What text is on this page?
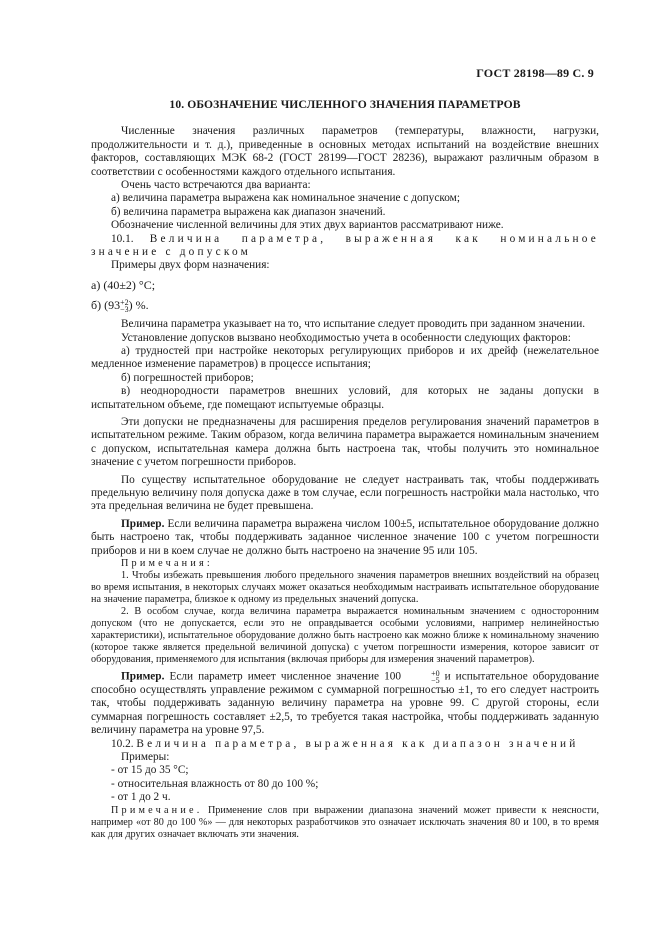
ГОСТ 28198—89 С. 9
10. ОБОЗНАЧЕНИЕ ЧИСЛЕННОГО ЗНАЧЕНИЯ ПАРАМЕТРОВ

Численные значения различных параметров (температуры, влажности, нагрузки, продолжительности и т. д.), приведенные в основных методах испытаний на воздействие внешних факторов, составляющих МЭК 68-2 (ГОСТ 28199—ГОСТ 28236), выражают различным образом в соответствии с особенностями каждого отдельного испытания.

Очень часто встречаются два варианта:

а) величина параметра выражена как номинальное значение с допуском;

б) величина параметра выражена как диапазон значений.

Обозначение численной величины для этих двух вариантов рассматривают ниже.

10.1. Величина параметра, выраженная как номинальное значение с допуском

Примеры двух форм назначения:

а) (40±2) °С;
б) (93 +2
−3 ) %.

Величина параметра указывает на то, что испытание следует проводить при заданном значении.

Установление допусков вызвано необходимостью учета в особенности следующих факторов:

а) трудностей при настройке некоторых регулирующих приборов и их дрейф (нежелательное медленное изменение параметров) в процессе испытания;

б) погрешностей приборов;

в) неоднородности параметров внешних условий, для которых не заданы допуски в испытательном объеме, где помещают испытуемые образцы.

Эти допуски не предназначены для расширения пределов регулирования значений параметров в испытательном режиме. Таким образом, когда величина параметра выражается номинальным значением с допуском, испытательная камера должна быть настроена так, чтобы получить это номинальное значение с учетом погрешности приборов.

По существу испытательное оборудование не следует настраивать так, чтобы поддерживать предельную величину поля допуска даже в том случае, если погрешность настройки мала настолько, что эта предельная величина не будет превышена.

Пример. Если величина параметра выражена числом 100±5, испытательное оборудование должно быть настроено так, чтобы поддерживать заданное численное значение 100 с учетом погрешности приборов и ни в коем случае не должно быть настроено на значение 95 или 105.

Примечания:

1. Чтобы избежать превышения любого предельного значения параметров внешних воздействий на образец во время испытания, в некоторых случаях может оказаться необходимым настраивать испытательное оборудование на значение параметра, близкое к одному из предельных значений допуска.

2. В особом случае, когда величина параметра выражается номинальным значением с односторонним допуском (что не допускается, если это не оправдывается особыми условиями, например нелинейностью характеристики), испытательное оборудование должно быть настроено как можно ближе к номинальному значению (которое также является предельной величиной допуска) с учетом погрешности измерения, которое зависит от оборудования, применяемого для испытания (включая приборы для измерения значений параметров).

Пример. Если параметр имеет численное значение 100	+0
−5 и испытательное оборудование способно осуществлять управление режимом с суммарной погрешностью ±1, то его следует настроить так, чтобы поддерживать заданную величину параметра на уровне 99. С другой стороны, если суммарная погрешность составляет ±2,5, то требуется такая настройка, чтобы поддерживать заданную величину параметра на уровне 97,5.

10.2. Величина параметра, выраженная как диапазон значений

Примеры:

- от 15 до 35 °С;

- относительная влажность от 80 до 100 %;

- от 1 до 2 ч.

Примечание. Применение слов при выражении диапазона значений может привести к неясности, например «от 80 до 100 %» — для некоторых разработчиков это означает исключать значения 80 и 100, в то время как для других означает включать эти значения.
